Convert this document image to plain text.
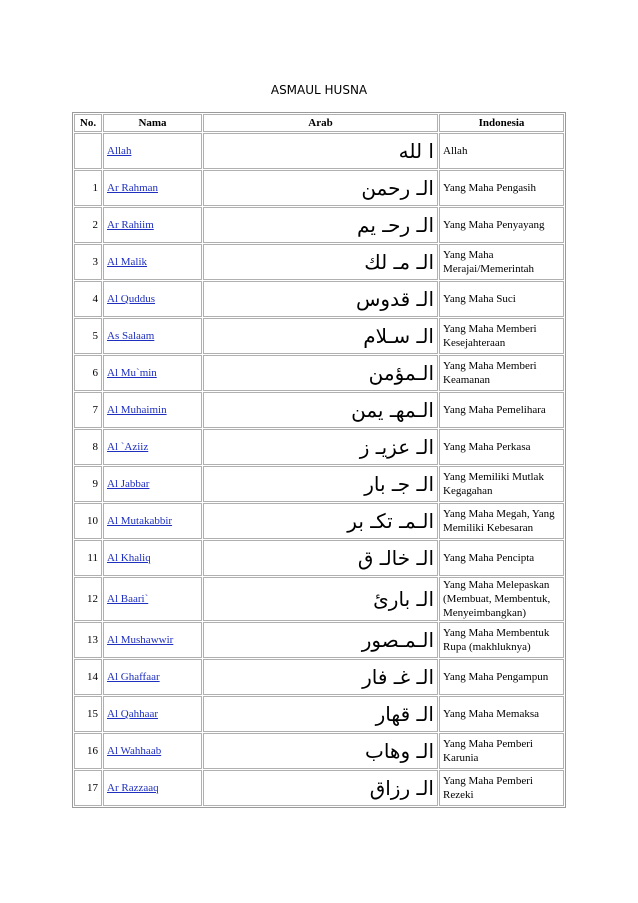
ASMAUL HUSNA
No.	Nama	Arab	Indonesia
	Allah	ا لله	Allah
1	Ar Rahman	الـ رحمن	Yang Maha Pengasih
2	Ar Rahiim	الـ رحـ يم	Yang Maha Penyayang
3	Al Malik	الـ مـ لك	Yang Maha Merajai/Memerintah
4	Al Quddus	الـ قدوس	Yang Maha Suci
5	As Salaam	الـ سـلام	Yang Maha Memberi Kesejahteraan
6	Al Mu`min	الـمؤمن	Yang Maha Memberi Keamanan
7	Al Muhaimin	الـمهـ يمن	Yang Maha Pemelihara
8	Al `Aziiz	الـ عزيـ ز	Yang Maha Perkasa
9	Al Jabbar	الـ جـ بار	Yang Memiliki Mutlak Kegagahan
10	Al Mutakabbir	الـمـ تكـ بر	Yang Maha Megah, Yang Memiliki Kebesaran
11	Al Khaliq	الـ خالـ ق	Yang Maha Pencipta
12	Al Baari`	الـ بارئ	Yang Maha Melepaskan (Membuat, Membentuk, Menyeimbangkan)
13	Al Mushawwir	الـمـصور	Yang Maha Membentuk Rupa (makhluknya)
14	Al Ghaffaar	الـ غـ فار	Yang Maha Pengampun
15	Al Qahhaar	الـ قهار	Yang Maha Memaksa
16	Al Wahhaab	الـ وهاب	Yang Maha Pemberi Karunia
17	Ar Razzaaq	الـ رزاق	Yang Maha Pemberi Rezeki
